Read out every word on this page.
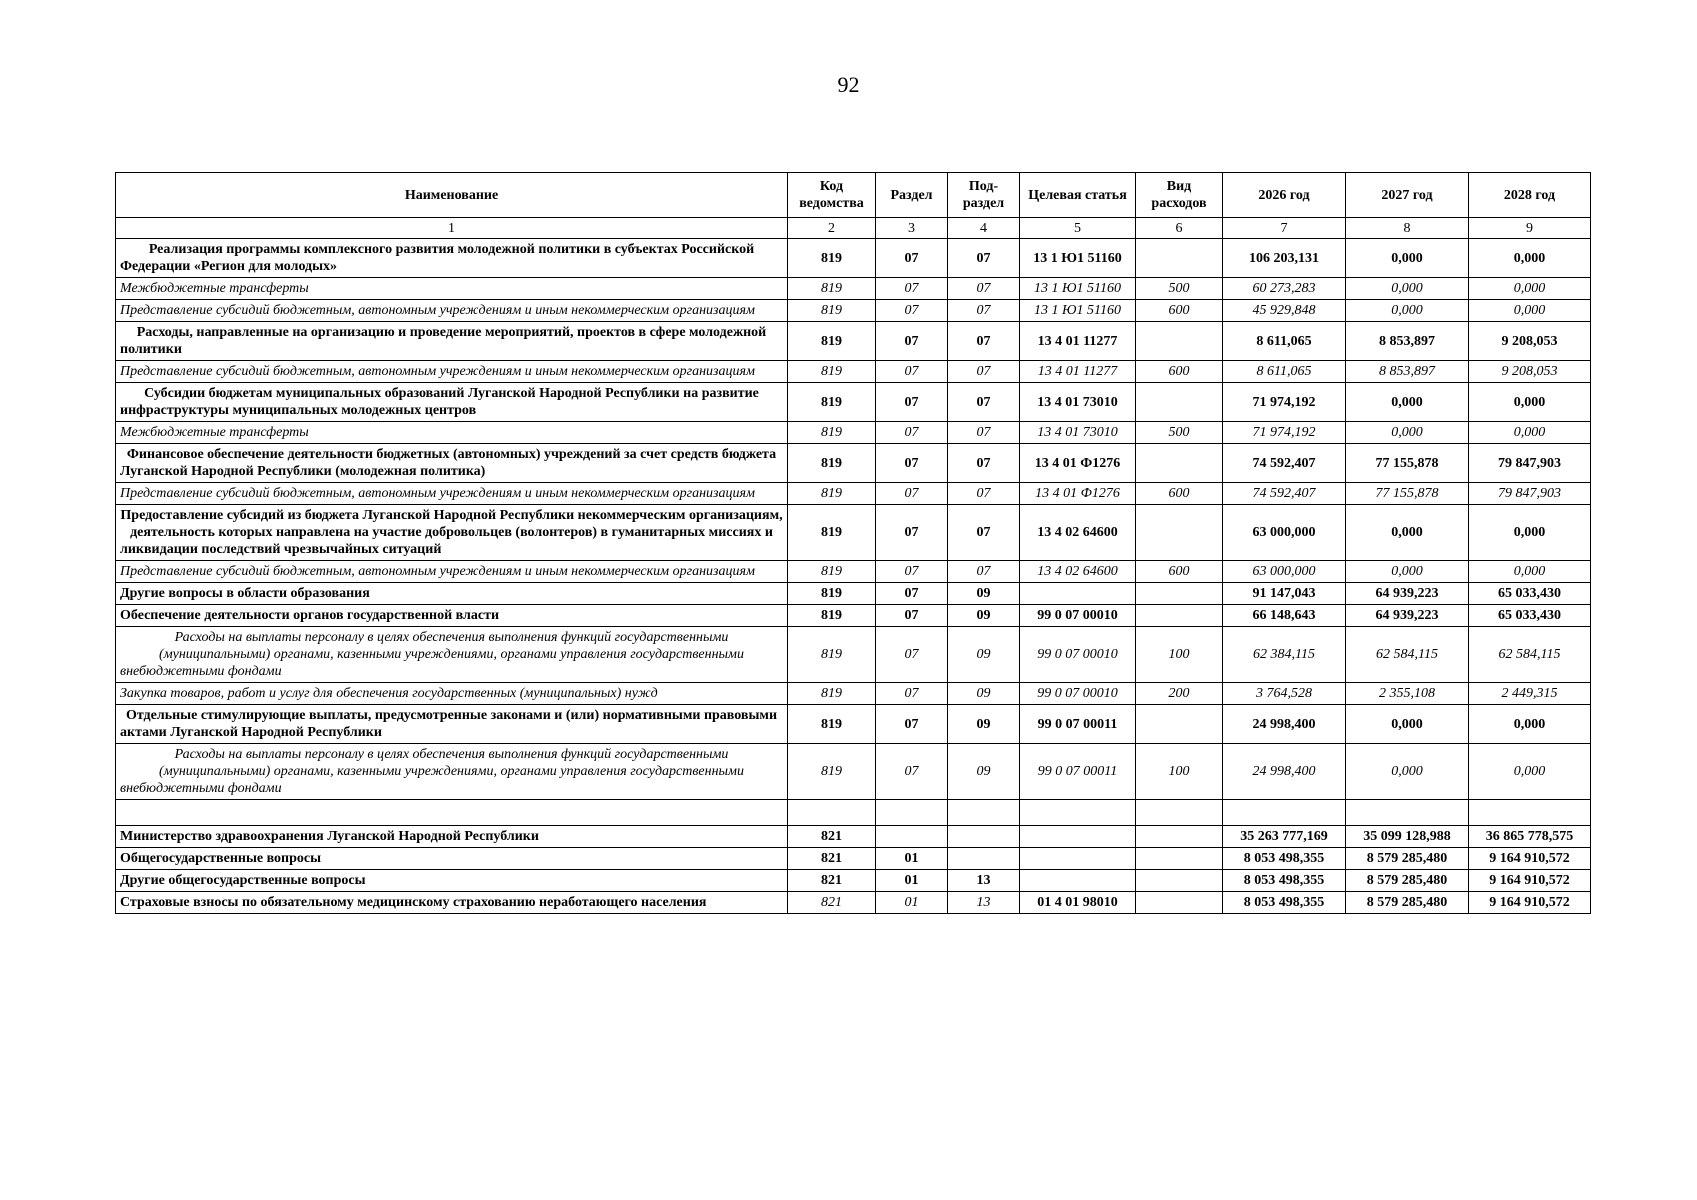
92
Наименование	Код ведомства	Раздел	Под-раздел	Целевая статья	Вид расходов	2026 год	2027 год	2028 год
1	2	3	4	5	6	7	8	9
Реализация программы комплексного развития молодежной политики в субъектах Российской Федерации «Регион для молодых»	819	07	07	13 1 Ю1 51160		106 203,131	0,000	0,000
Межбюджетные трансферты	819	07	07	13 1 Ю1 51160	500	60 273,283	0,000	0,000
Представление субсидий бюджетным, автономным учреждениям и иным некоммерческим организациям	819	07	07	13 1 Ю1 51160	600	45 929,848	0,000	0,000
Расходы, направленные на организацию и проведение мероприятий, проектов в сфере молодежной политики	819	07	07	13 4 01 11277		8 611,065	8 853,897	9 208,053
Представление субсидий бюджетным, автономным учреждениям и иным некоммерческим организациям	819	07	07	13 4 01 11277	600	8 611,065	8 853,897	9 208,053
Субсидии бюджетам муниципальных образований Луганской Народной Республики на развитие инфраструктуры муниципальных молодежных центров	819	07	07	13 4 01 73010		71 974,192	0,000	0,000
Межбюджетные трансферты	819	07	07	13 4 01 73010	500	71 974,192	0,000	0,000
Финансовое обеспечение деятельности бюджетных (автономных) учреждений за счет средств бюджета Луганской Народной Республики (молодежная политика)	819	07	07	13 4 01 Ф1276		74 592,407	77 155,878	79 847,903
Представление субсидий бюджетным, автономным учреждениям и иным некоммерческим организациям	819	07	07	13 4 01 Ф1276	600	74 592,407	77 155,878	79 847,903
Предоставление субсидий из бюджета Луганской Народной Республики некоммерческим организациям, деятельность которых направлена на участие добровольцев (волонтеров) в гуманитарных миссиях и ликвидации последствий чрезвычайных ситуаций	819	07	07	13 4 02 64600		63 000,000	0,000	0,000
Представление субсидий бюджетным, автономным учреждениям и иным некоммерческим организациям	819	07	07	13 4 02 64600	600	63 000,000	0,000	0,000
Другие вопросы в области образования	819	07	09			91 147,043	64 939,223	65 033,430
Обеспечение деятельности органов государственной власти	819	07	09	99 0 07 00010		66 148,643	64 939,223	65 033,430
Расходы на выплаты персоналу в целях обеспечения выполнения функций государственными (муниципальными) органами, казенными учреждениями, органами управления государственными внебюджетными фондами	819	07	09	99 0 07 00010	100	62 384,115	62 584,115	62 584,115
Закупка товаров, работ и услуг для обеспечения государственных (муниципальных) нужд	819	07	09	99 0 07 00010	200	3 764,528	2 355,108	2 449,315
Отдельные стимулирующие выплаты, предусмотренные законами и (или) нормативными правовыми актами Луганской Народной Республики	819	07	09	99 0 07 00011		24 998,400	0,000	0,000
Расходы на выплаты персоналу в целях обеспечения выполнения функций государственными (муниципальными) органами, казенными учреждениями, органами управления государственными внебюджетными фондами	819	07	09	99 0 07 00011	100	24 998,400	0,000	0,000

Министерство здравоохранения Луганской Народной Республики	821					35 263 777,169	35 099 128,988	36 865 778,575
Общегосударственные вопросы	821	01				8 053 498,355	8 579 285,480	9 164 910,572
Другие общегосударственные вопросы	821	01	13			8 053 498,355	8 579 285,480	9 164 910,572
Страховые взносы по обязательному медицинскому страхованию неработающего населения	821	01	13	01 4 01 98010		8 053 498,355	8 579 285,480	9 164 910,572
